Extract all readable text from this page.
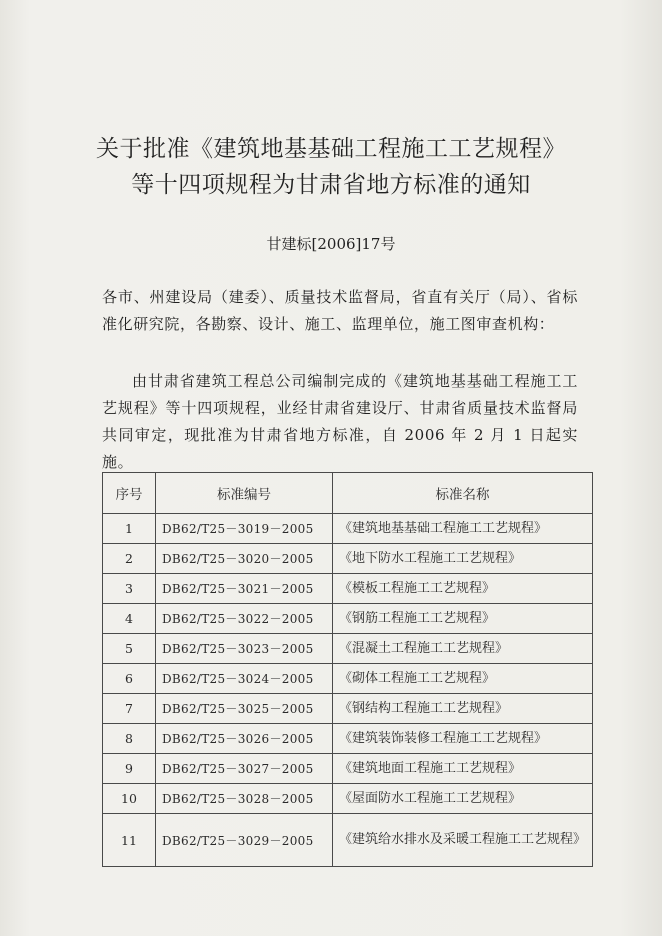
关于批准《建筑地基基础工程施工工艺规程》
等十四项规程为甘肃省地方标准的通知
甘建标[2006]17号
各市、州建设局（建委）、质量技术监督局，省直有关厅（局）、省标准化研究院，各勘察、设计、施工、监理单位，施工图审查机构：
由甘肃省建筑工程总公司编制完成的《建筑地基基础工程施工工艺规程》等十四项规程，业经甘肃省建设厅、甘肃省质量技术监督局共同审定，现批准为甘肃省地方标准，自 2006 年 2 月 1 日起实施。
序号	标准编号	标准名称
1	DB62/T25－3019－2005	《建筑地基基础工程施工工艺规程》
2	DB62/T25－3020－2005	《地下防水工程施工工艺规程》
3	DB62/T25－3021－2005	《模板工程施工工艺规程》
4	DB62/T25－3022－2005	《钢筋工程施工工艺规程》
5	DB62/T25－3023－2005	《混凝土工程施工工艺规程》
6	DB62/T25－3024－2005	《砌体工程施工工艺规程》
7	DB62/T25－3025－2005	《钢结构工程施工工艺规程》
8	DB62/T25－3026－2005	《建筑装饰装修工程施工工艺规程》
9	DB62/T25－3027－2005	《建筑地面工程施工工艺规程》
10	DB62/T25－3028－2005	《屋面防水工程施工工艺规程》
11	DB62/T25－3029－2005	《建筑给水排水及采暖工程施工工艺规程》
